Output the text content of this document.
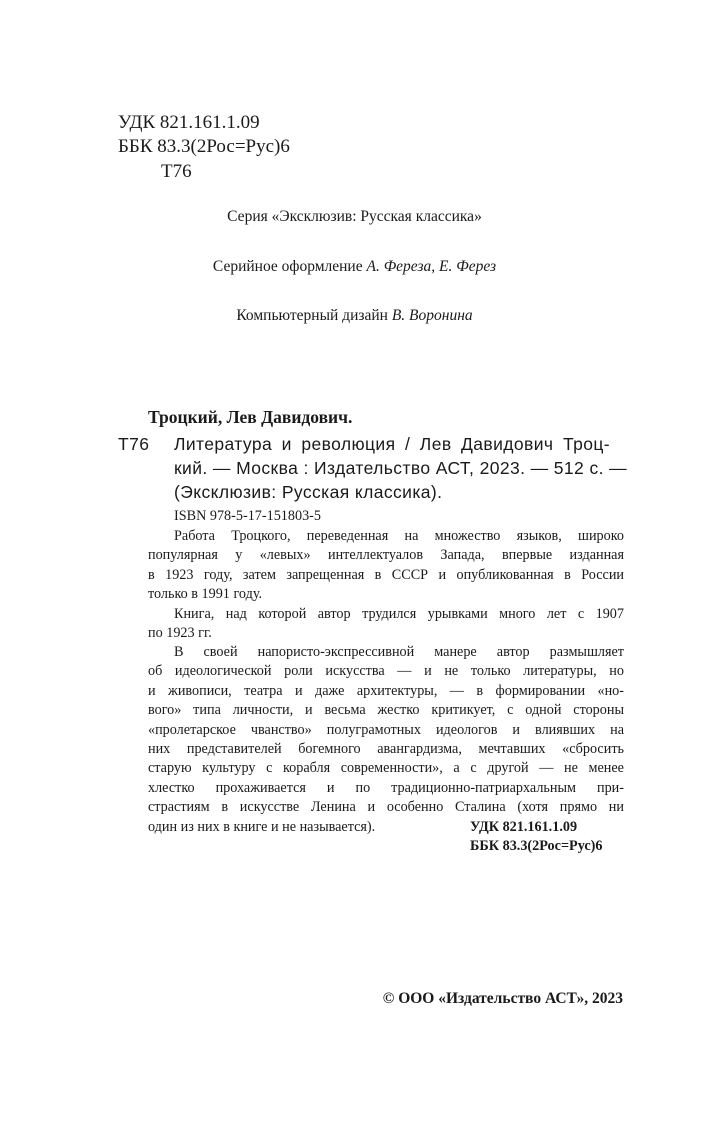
УДК 821.161.1.09
ББК 83.3(2Рос=Рус)6
Т76
Серия «Эксклюзив: Русская классика»
Серийное оформление А. Фереза, Е. Ферез
Компьютерный дизайн В. Воронина
Троцкий, Лев Давидович.
Т76 Литература и революция / Лев Давидович Троц-
кий. — Москва : Издательство АСТ, 2023. — 512 с. —
(Эксклюзив: Русская классика).
ISBN 978-5-17-151803-5
Работа Троцкого, переведенная на множество языков, широко
популярная у «левых» интеллектуалов Запада, впервые изданная
в 1923 году, затем запрещенная в СССР и опубликованная в России
только в 1991 году.
Книга, над которой автор трудился урывками много лет с 1907
по 1923 гг.
В своей напористо-экспрессивной манере автор размышляет
об идеологической роли искусства — и не только литературы, но
и живописи, театра и даже архитектуры, — в формировании «но-
вого» типа личности, и весьма жестко критикует, с одной стороны
«пролетарское чванство» полуграмотных идеологов и влиявших на
них представителей богемного авангардизма, мечтавших «сбросить
старую культуру с корабля современности», а с другой — не менее
хлестко прохаживается и по традиционно-патриархальным при-
страстиям в искусстве Ленина и особенно Сталина (хотя прямо ни
один из них в книге и не называется).	УДК 821.161.1.09
ББК 83.3(2Рос=Рус)6
© ООО «Издательство АСТ», 2023
